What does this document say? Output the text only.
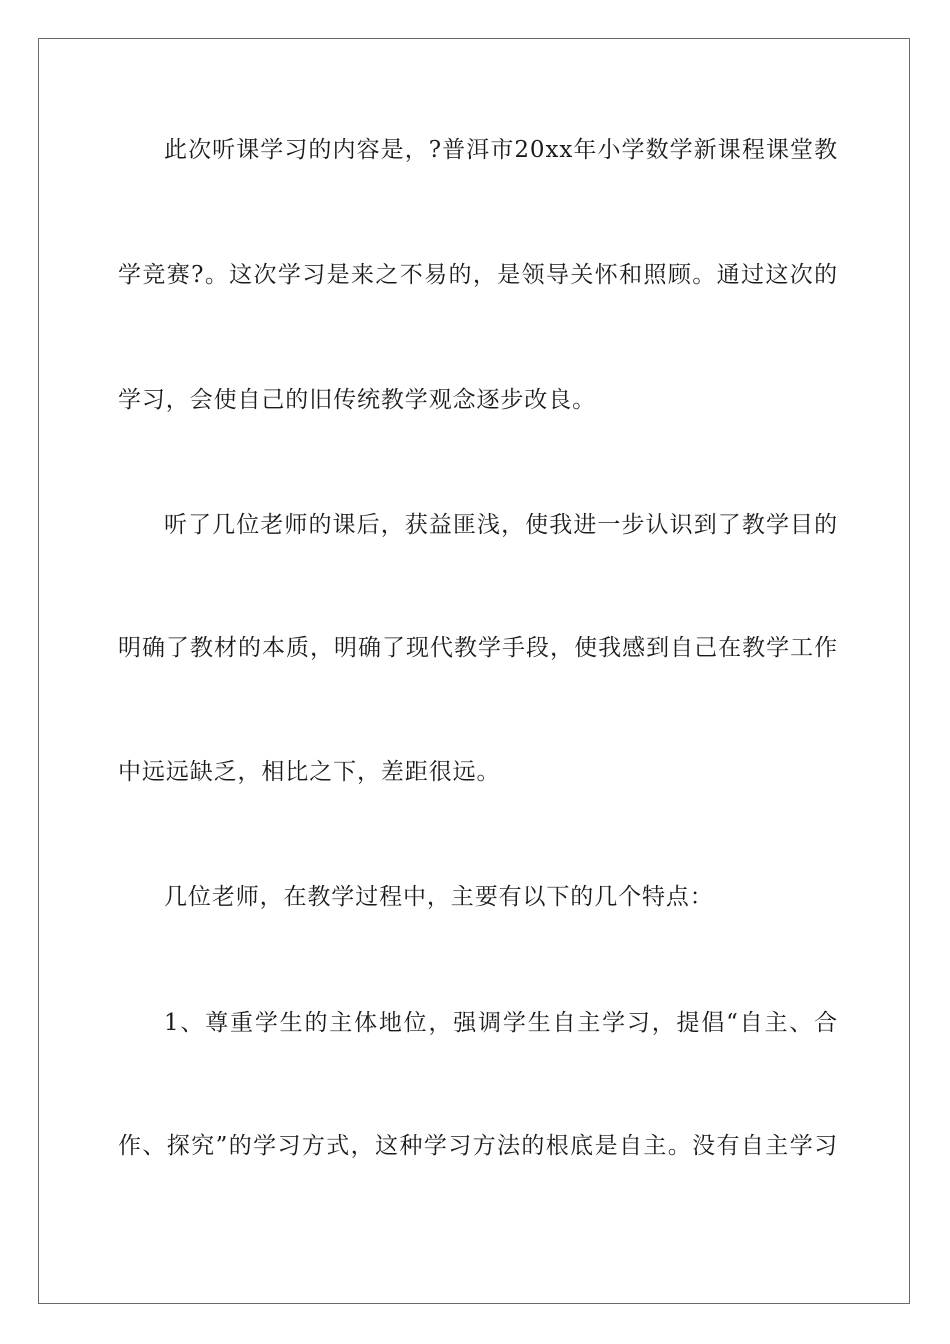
此次听课学习的内容是，?普洱市20xx年小学数学新课程课堂教
学竞赛?。这次学习是来之不易的，是领导关怀和照顾。通过这次的
学习，会使自己的旧传统教学观念逐步改良。
听了几位老师的课后，获益匪浅，使我进一步认识到了教学目的
明确了教材的本质，明确了现代教学手段，使我感到自己在教学工作
中远远缺乏，相比之下，差距很远。
几位老师，在教学过程中，主要有以下的几个特点：
1、尊重学生的主体地位，强调学生自主学习，提倡“自主、合
作、探究”的学习方式，这种学习方法的根底是自主。没有自主学习
